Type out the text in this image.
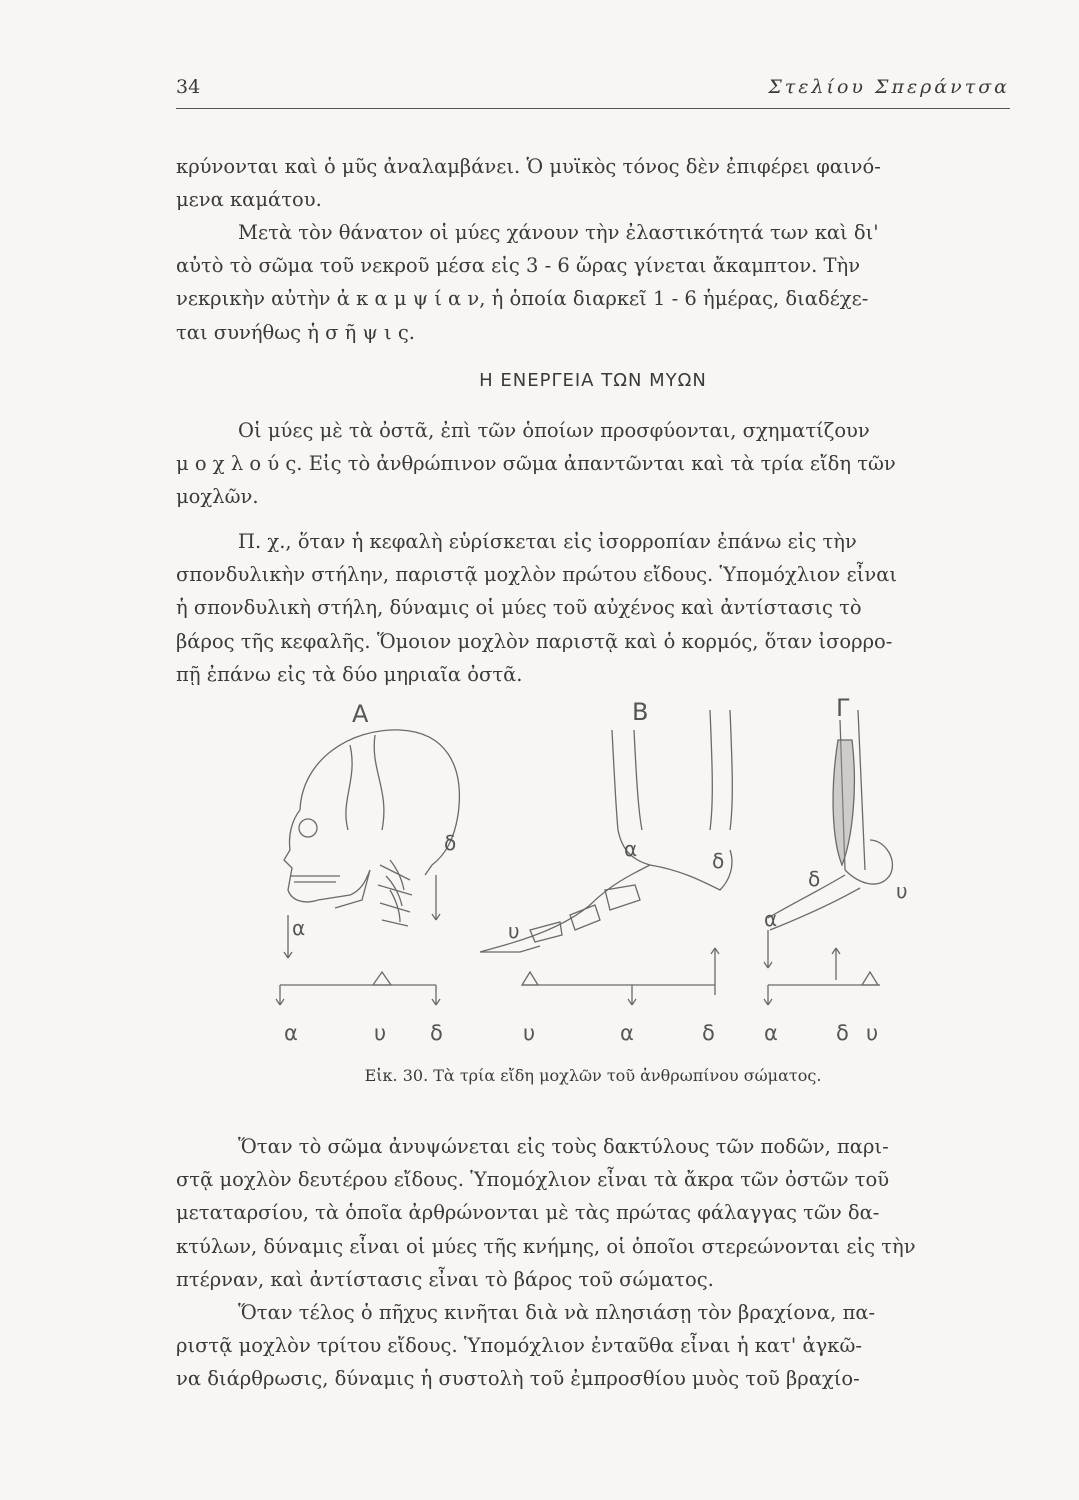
34	Στελίου Σπεράντσα
κρύνονται καὶ ὁ μῦς ἀναλαμβάνει. Ὁ μυϊκὸς τόνος δὲν ἐπιφέρει φαινό-
μενα καμάτου.
Μετὰ τὸν θάνατον οἱ μύες χάνουν τὴν ἐλαστικότητά των καὶ δι'
αὐτὸ τὸ σῶμα τοῦ νεκροῦ μέσα εἰς 3 - 6 ὥρας γίνεται ἄκαμπτον. Τὴν
νεκρικὴν αὐτὴν ἀ κ α μ ψ ί α ν, ἡ ὁποία διαρκεῖ 1 - 6 ἡμέρας, διαδέχε-
ται συνήθως ἡ σ ῆ ψ ι ς.
Η ΕΝΕΡΓΕΙΑ ΤΩΝ ΜΥΩΝ
Οἱ μύες μὲ τὰ ὀστᾶ, ἐπὶ τῶν ὁποίων προσφύονται, σχηματίζουν
μ ο χ λ ο ύ ς. Εἰς τὸ ἀνθρώπινον σῶμα ἀπαντῶνται καὶ τὰ τρία εἴδη τῶν
μοχλῶν.
Π. χ., ὅταν ἡ κεφαλὴ εὑρίσκεται εἰς ἰσορροπίαν ἐπάνω εἰς τὴν
σπονδυλικὴν στήλην, παριστᾷ μοχλὸν πρώτου εἴδους. Ὑπομόχλιον εἶναι
ἡ σπονδυλικὴ στήλη, δύναμις οἱ μύες τοῦ αὐχένος καὶ ἀντίστασις τὸ
βάρος τῆς κεφαλῆς. Ὅμοιον μοχλὸν παριστᾷ καὶ ὁ κορμός, ὅταν ἰσορρο-
πῇ ἐπάνω εἰς τὰ δύο μηριαῖα ὀστᾶ.
Α	Β	Γ
α
δ
α	υ δ
α	δ
υ
υ	α	δ
δ	υ
α
α	δ υ
Εἰκ. 30. Τὰ τρία εἴδη μοχλῶν τοῦ ἀνθρωπίνου σώματος.
Ὅταν τὸ σῶμα ἀνυψώνεται εἰς τοὺς δακτύλους τῶν ποδῶν, παρι-
στᾷ μοχλὸν δευτέρου εἴδους. Ὑπομόχλιον εἶναι τὰ ἄκρα τῶν ὀστῶν τοῦ
μεταταρσίου, τὰ ὁποῖα ἀρθρώνονται μὲ τὰς πρώτας φάλαγγας τῶν δα-
κτύλων, δύναμις εἶναι οἱ μύες τῆς κνήμης, οἱ ὁποῖοι στερεώνονται εἰς τὴν
πτέρναν, καὶ ἀντίστασις εἶναι τὸ βάρος τοῦ σώματος.
Ὅταν τέλος ὁ πῆχυς κινῆται διὰ νὰ πλησιάσῃ τὸν βραχίονα, πα-
ριστᾷ μοχλὸν τρίτου εἴδους. Ὑπομόχλιον ἐνταῦθα εἶναι ἡ κατ' ἀγκῶ-
να διάρθρωσις, δύναμις ἡ συστολὴ τοῦ ἐμπροσθίου μυὸς τοῦ βραχίο-
